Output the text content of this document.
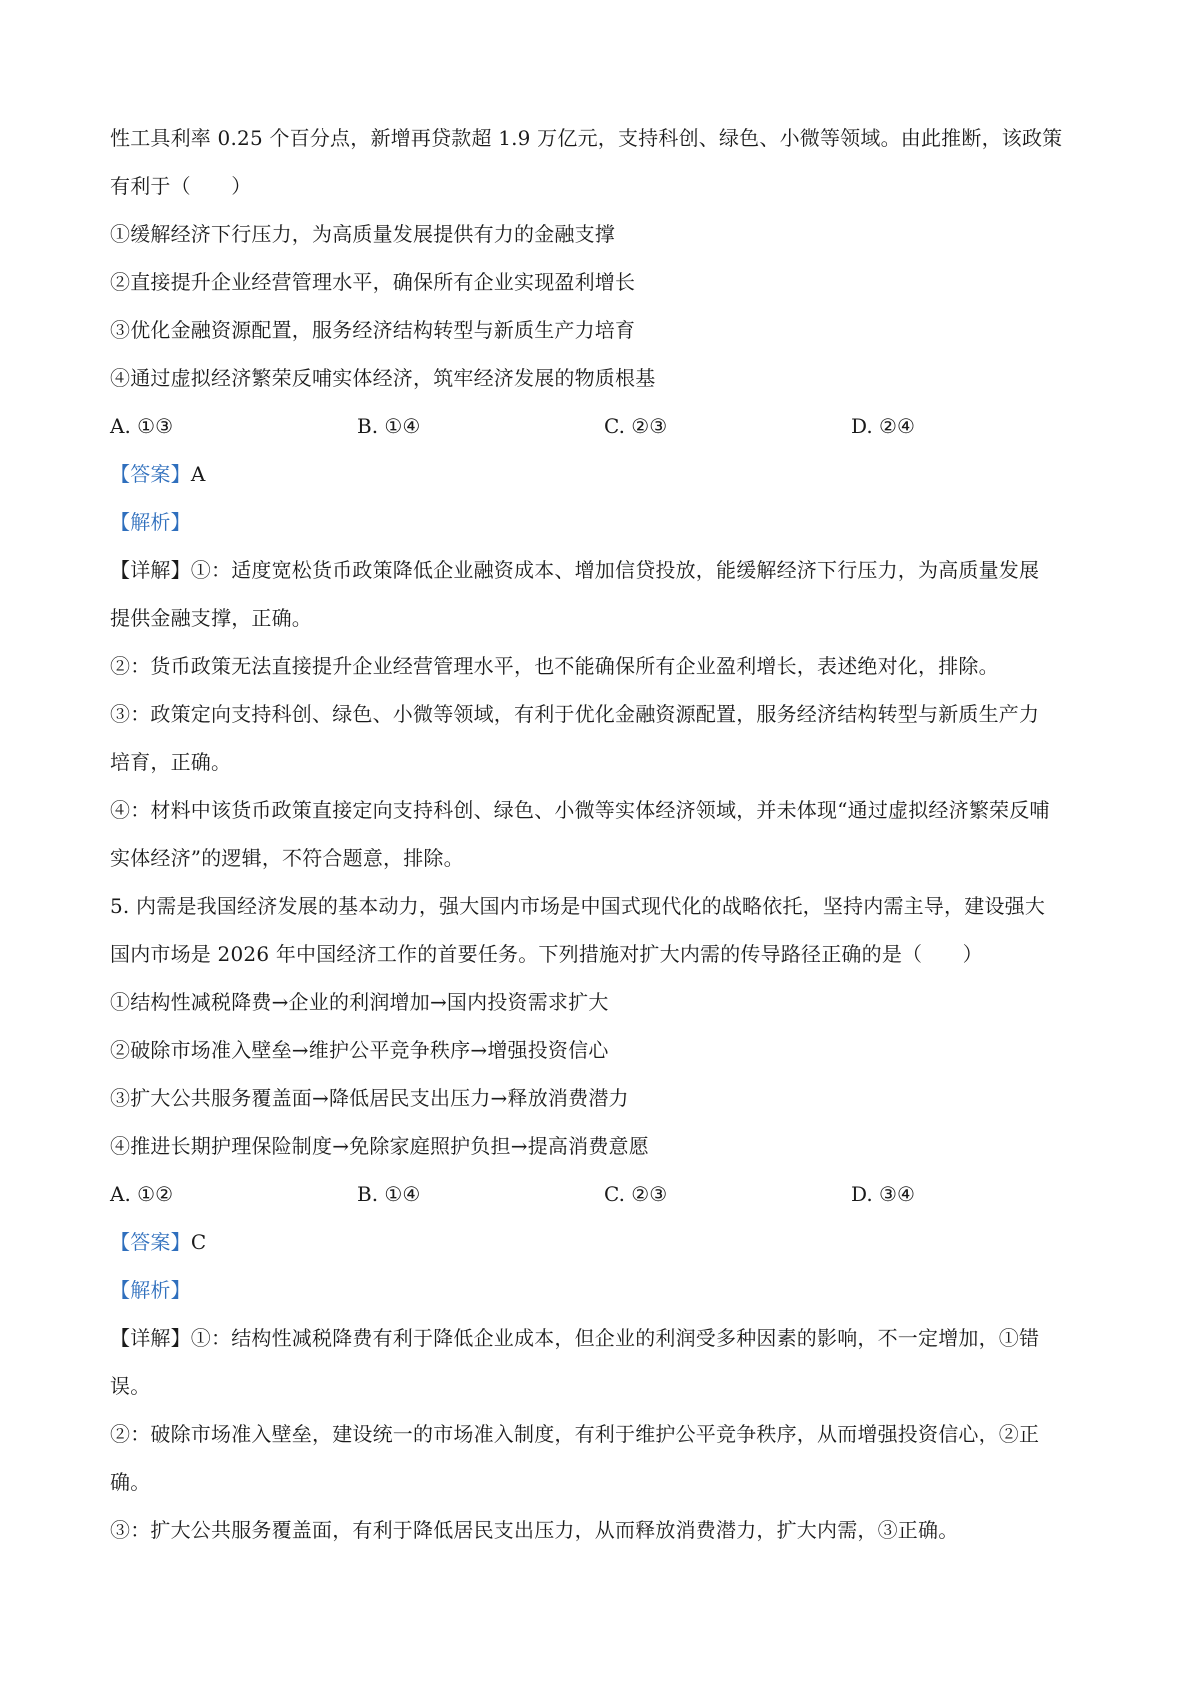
性工具利率 0.25 个百分点，新增再贷款超 1.9 万亿元，支持科创、绿色、小微等领域。由此推断，该政策
有利于（　　）
①缓解经济下行压力，为高质量发展提供有力的金融支撑
②直接提升企业经营管理水平，确保所有企业实现盈利增长
③优化金融资源配置，服务经济结构转型与新质生产力培育
④通过虚拟经济繁荣反哺实体经济，筑牢经济发展的物质根基
A. ①③	B. ①④	C. ②③	D. ②④
【答案】A
【解析】
【详解】①：适度宽松货币政策降低企业融资成本、增加信贷投放，能缓解经济下行压力，为高质量发展
提供金融支撑，正确。
②：货币政策无法直接提升企业经营管理水平，也不能确保所有企业盈利增长，表述绝对化，排除。
③：政策定向支持科创、绿色、小微等领域，有利于优化金融资源配置，服务经济结构转型与新质生产力
培育，正确。
④：材料中该货币政策直接定向支持科创、绿色、小微等实体经济领域，并未体现“通过虚拟经济繁荣反哺
实体经济”的逻辑，不符合题意，排除。
5. 内需是我国经济发展的基本动力，强大国内市场是中国式现代化的战略依托，坚持内需主导，建设强大
国内市场是 2026 年中国经济工作的首要任务。下列措施对扩大内需的传导路径正确的是（　　）
①结构性减税降费→企业的利润增加→国内投资需求扩大
②破除市场准入壁垒→维护公平竞争秩序→增强投资信心
③扩大公共服务覆盖面→降低居民支出压力→释放消费潜力
④推进长期护理保险制度→免除家庭照护负担→提高消费意愿
A. ①②	B. ①④	C. ②③	D. ③④
【答案】C
【解析】
【详解】①：结构性减税降费有利于降低企业成本，但企业的利润受多种因素的影响，不一定增加，①错
误。
②：破除市场准入壁垒，建设统一的市场准入制度，有利于维护公平竞争秩序，从而增强投资信心，②正
确。
③：扩大公共服务覆盖面，有利于降低居民支出压力，从而释放消费潜力，扩大内需，③正确。
